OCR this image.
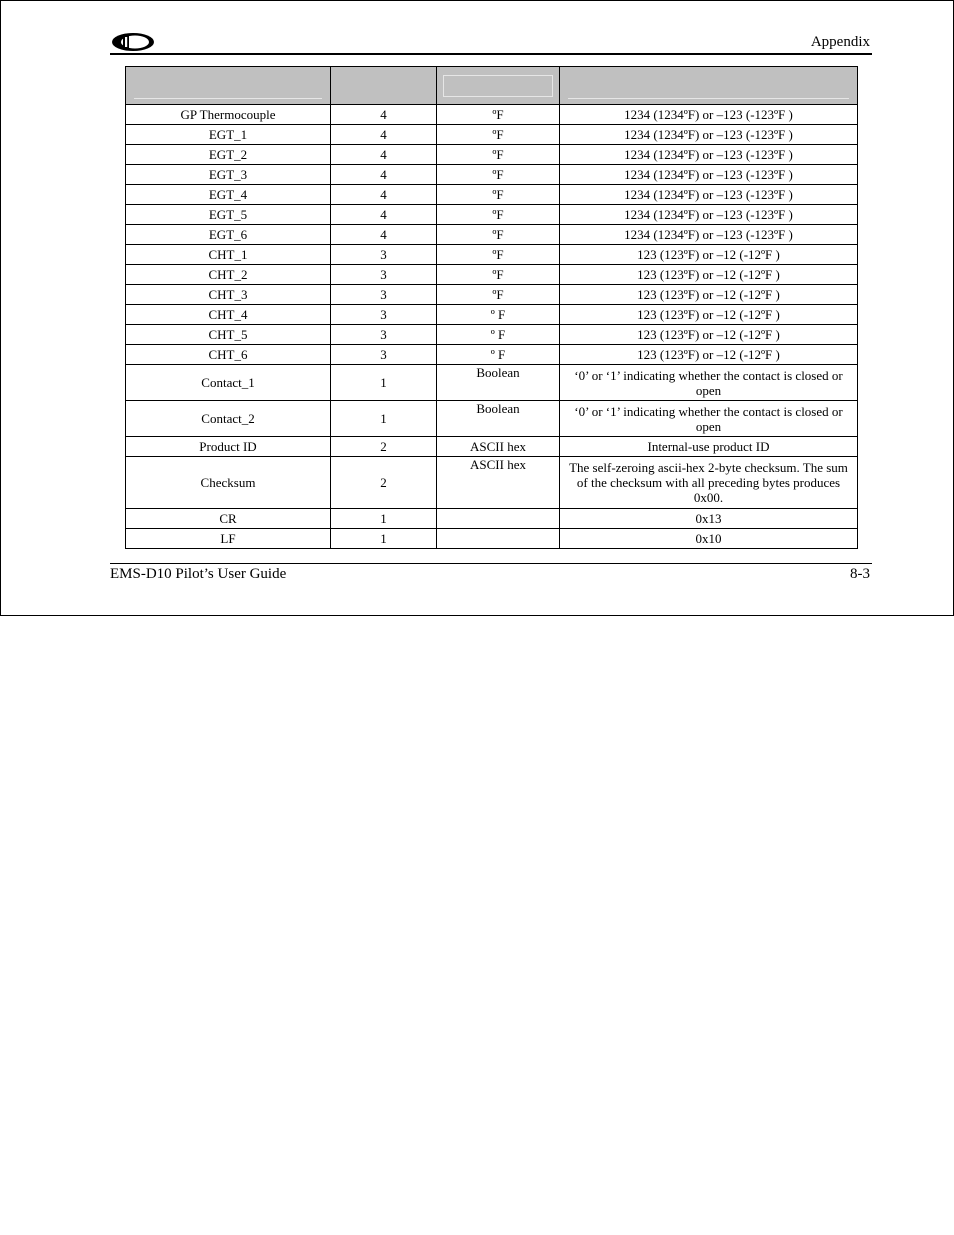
Appendix

GP Thermocouple	4	ºF	1234 (1234ºF) or –123 (-123ºF )
EGT_1	4	ºF	1234 (1234ºF) or –123 (-123ºF )
EGT_2	4	ºF	1234 (1234ºF) or –123 (-123ºF )
EGT_3	4	ºF	1234 (1234ºF) or –123 (-123ºF )
EGT_4	4	ºF	1234 (1234ºF) or –123 (-123ºF )
EGT_5	4	ºF	1234 (1234ºF) or –123 (-123ºF )
EGT_6	4	ºF	1234 (1234ºF) or –123 (-123ºF )
CHT_1	3	ºF	123 (123ºF) or –12 (-12ºF )
CHT_2	3	ºF	123 (123ºF) or –12 (-12ºF )
CHT_3	3	ºF	123 (123ºF) or –12 (-12ºF )
CHT_4	3	º F	123 (123ºF) or –12 (-12ºF )
CHT_5	3	º F	123 (123ºF) or –12 (-12ºF )
CHT_6	3	º F	123 (123ºF) or –12 (-12ºF )
Contact_1	1	Boolean	‘0’ or ‘1’ indicating whether the contact is closed or open
Contact_2	1	Boolean	‘0’ or ‘1’ indicating whether the contact is closed or open
Product ID	2	ASCII hex	Internal-use product ID
Checksum	2	ASCII hex	The self-zeroing ascii-hex 2-byte checksum. The sum of the checksum with all preceding bytes produces 0x00.
CR	1		0x13
LF	1		0x10
EMS-D10 Pilot’s User Guide	8-3
